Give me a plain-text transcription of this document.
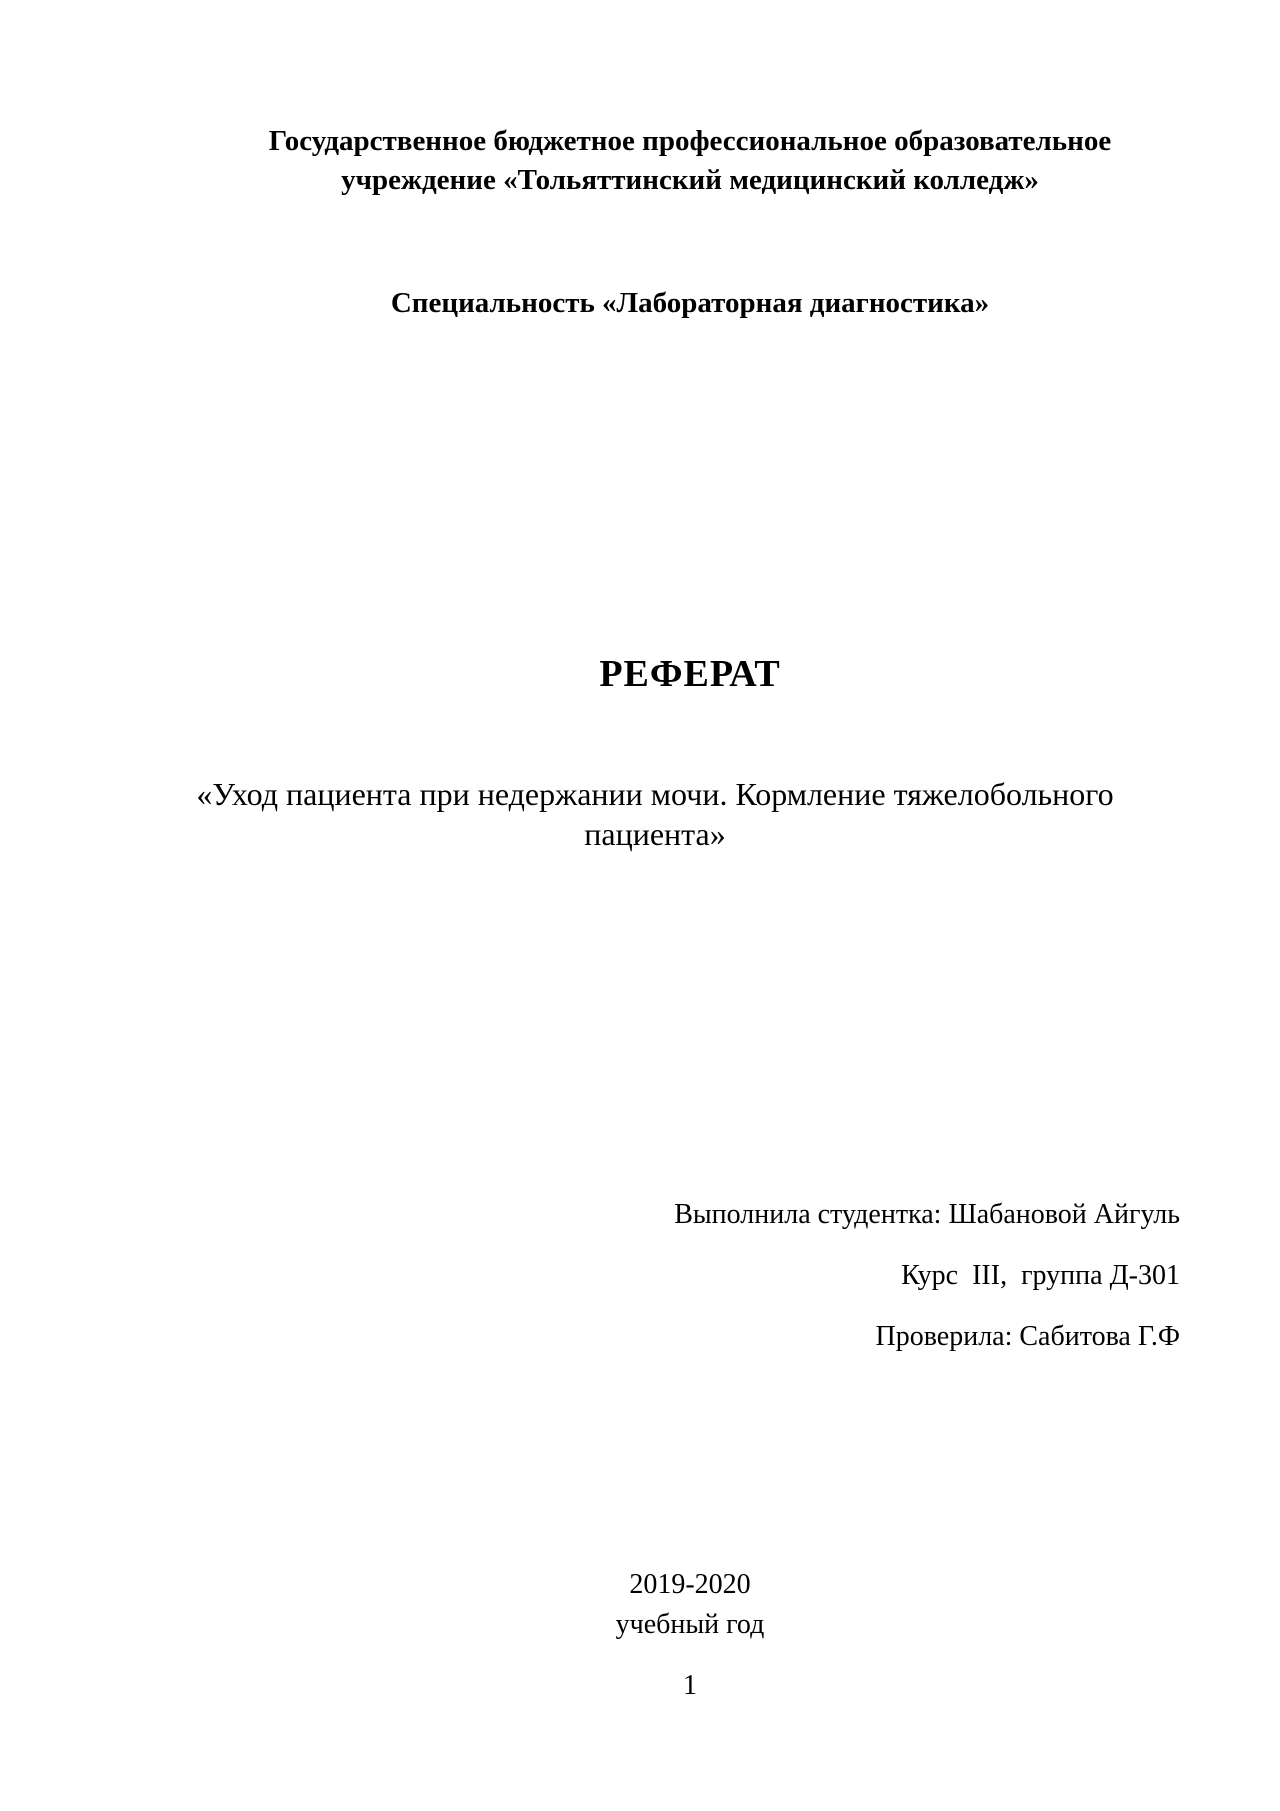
Государственное бюджетное профессиональное образовательное
учреждение «Тольяттинский медицинский колледж»
Специальность «Лабораторная диагностика»
РЕФЕРАТ
«Уход пациента при недержании мочи. Кормление тяжелобольного
пациента»
Выполнила студентка: Шабановой Айгуль
Курс  III,  группа Д-301
Проверила: Сабитова Г.Ф
2019-2020
учебный год
1
